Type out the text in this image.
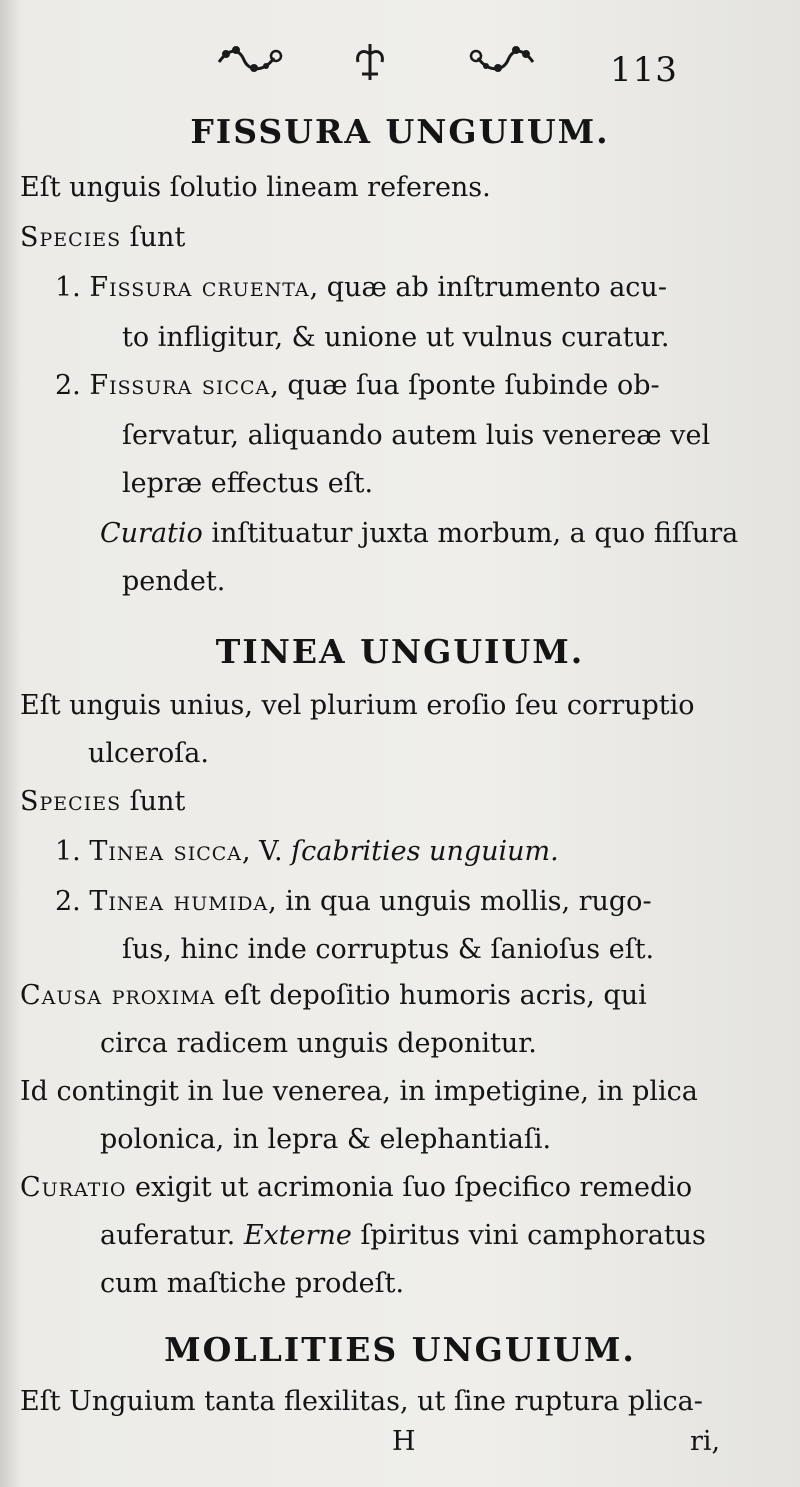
113
FISSURA UNGUIUM.
Eſt unguis ſolutio lineam referens.
Species ſunt
1. Fissura cruenta, quæ ab inſtrumento acu-
to infligitur, & unione ut vulnus curatur.
2. Fissura sicca, quæ ſua ſponte ſubinde ob-
ſervatur, aliquando autem luis venereæ vel
lepræ effectus eſt.
Curatio inſtituatur juxta morbum, a quo fiſſura
pendet.
TINEA UNGUIUM.
Eſt unguis unius, vel plurium eroſio ſeu corruptio
ulceroſa.
Species ſunt
1. Tinea sicca, V. ſcabrities unguium.
2. Tinea humida, in qua unguis mollis, rugo-
ſus, hinc inde corruptus & ſanioſus eſt.
Causa proxima eſt depoſitio humoris acris, qui
circa radicem unguis deponitur.
Id contingit in lue venerea, in impetigine, in plica
polonica, in lepra & elephantiaſi.
Curatio exigit ut acrimonia ſuo ſpecifico remedio
auferatur. Externe ſpiritus vini camphoratus
cum maſtiche prodeſt.
MOLLITIES UNGUIUM.
Eſt Unguium tanta flexilitas, ut ſine ruptura plica-
H	ri,
